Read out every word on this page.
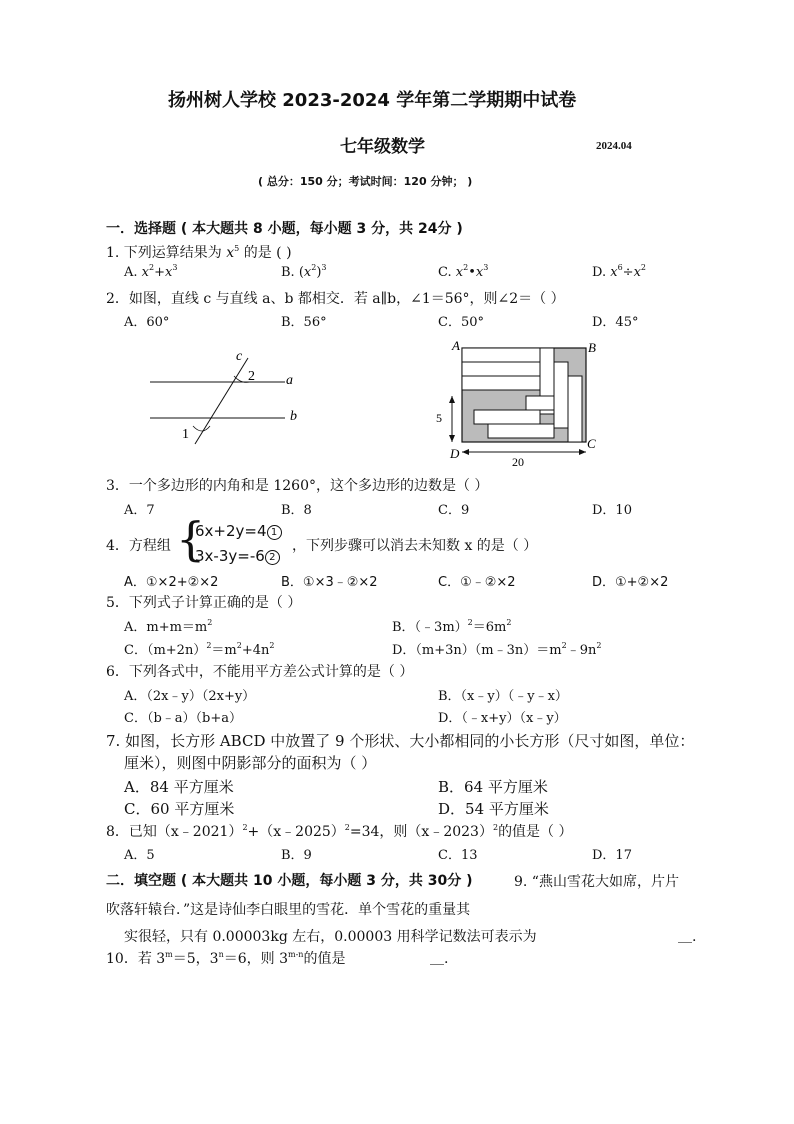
扬州树人学校 2023-2024 学年第二学期期中试卷
七年级数学	2024.04
( 总分：150 分；考试时间：120 分钟； )
一．选择题 ( 本大题共 8 小题，每小题 3 分，共 24分 )
1. 下列运算结果为 $x^5$ 的是 ( )
A. $x^2+x^3$	B. $(x^2)^3$	C. $x^2•x^3$	D. $x^6\div x^2$
2．如图，直线 c 与直线 a、b 都相交．若 a∥b，∠1＝56°，则∠2＝（ ）
A．60°	B．56°	C．50°	D．45°
c
2 a
b
1
A	B
C
D
5
20
3．一个多边形的内角和是 1260°，这个多边形的边数是（ ）
A．7	B．8	C．9	D．10
4．方程组 {
6x+2y=4 1
3x-3y=-6 2
，下列步骤可以消去未知数 x 的是（ ）
A．①×2+②×2	B．①×3﹣②×2	C．①﹣②×2	D．①+②×2
5．下列式子计算正确的是（ ）
A．$m+m=m^2$	B．$(﹣3m)^2=6m^2$
C．$(m+2n)^2=m^2+4n^2$	D．$(m+3n)(m﹣3n)=m^2﹣9n^2$
6．下列各式中，不能用平方差公式计算的是（ ）
A．（2x﹣y）（2x+y）	B．（x﹣y）（﹣y﹣x）
C．（b﹣a）（b+a）	D．（﹣x+y）（x﹣y）
7. 如图，长方形 ABCD 中放置了 9 个形状、大小都相同的小长方形（尺寸如图，单位：
厘米），则图中阴影部分的面积为（ ）
A．84 平方厘米	B．64 平方厘米
C．60 平方厘米	D．54 平方厘米
8．已知（x﹣2021）$^2$+（x﹣2025）$^2$=34，则（x﹣2023）$^2$的值是（ ）
A．5	B．9	C．13	D．17
二．填空题 ( 本大题共 10 小题，每小题 3 分，共 30分 )	9. “燕山雪花大如席，片片
吹落轩辕台．”这是诗仙李白眼里的雪花．单个雪花的重量其
实很轻，只有 0.00003kg 左右，0.00003 用科学记数法可表示为	＿.
10．若 $3^m=5$，$3^n=6$，则 3$^{m-n}$的值是	＿.
